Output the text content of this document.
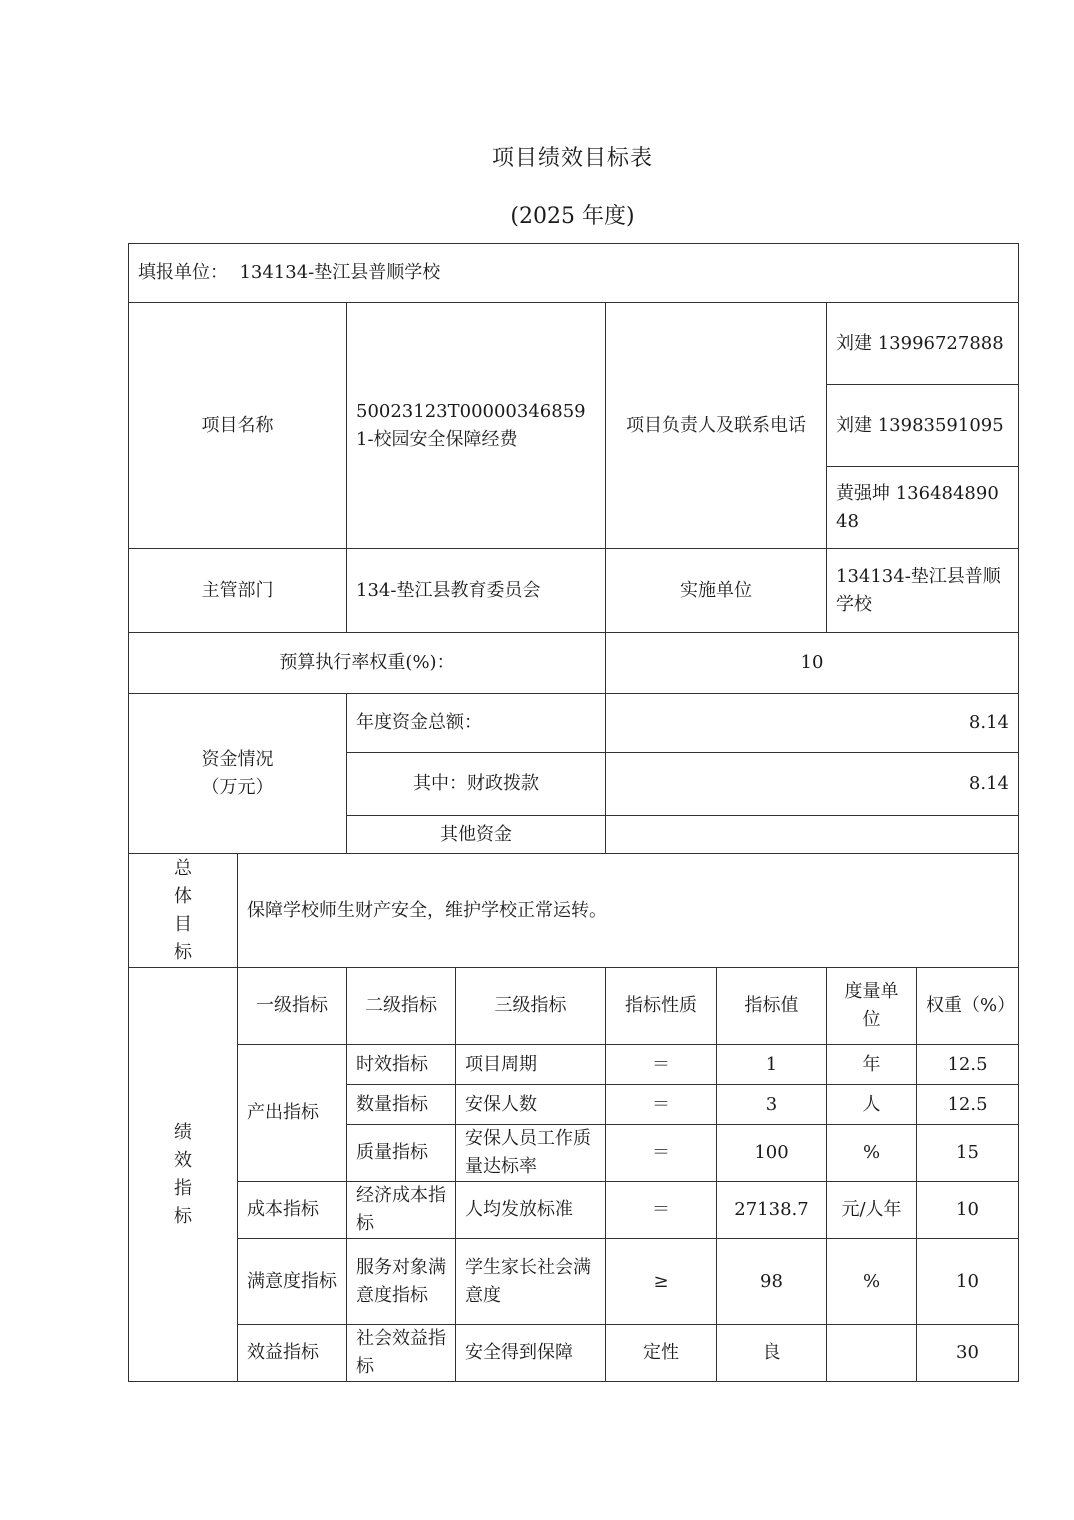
项目绩效目标表
(2025 年度)
填报单位： 134134-垫江县普顺学校							
项目名称		50023123T000003468591-校园安全保障经费		项目负责人及联系电话		刘建 13996727888	
						刘建 13983591095	
						黄强坤 13648489048	
主管部门		134-垫江县教育委员会		实施单位		134134-垫江县普顺学校	
预算执行率权重(%)：				10			

资金情况
（万元）		年度资金总额：		8.14			
		其中：财政拨款		8.14			
		其他资金					

总
体
目
标	保障学校师生财产安全，维护学校正常运转。						

绩
效
指
标	一级指标	二级指标	三级指标	指标性质	指标值	度量单位	权重（%）
	产出指标	时效指标	项目周期	＝	1	年	12.5
		数量指标	安保人数	＝	3	人	12.5
		质量指标	安保人员工作质量达标率	＝	100	%	15
	成本指标	经济成本指标	人均发放标准	＝	27138.7	元/人年	10
	满意度指标	服务对象满意度指标	学生家长社会满意度	≥	98	%	10
	效益指标	社会效益指标	安全得到保障	定性	良		30
